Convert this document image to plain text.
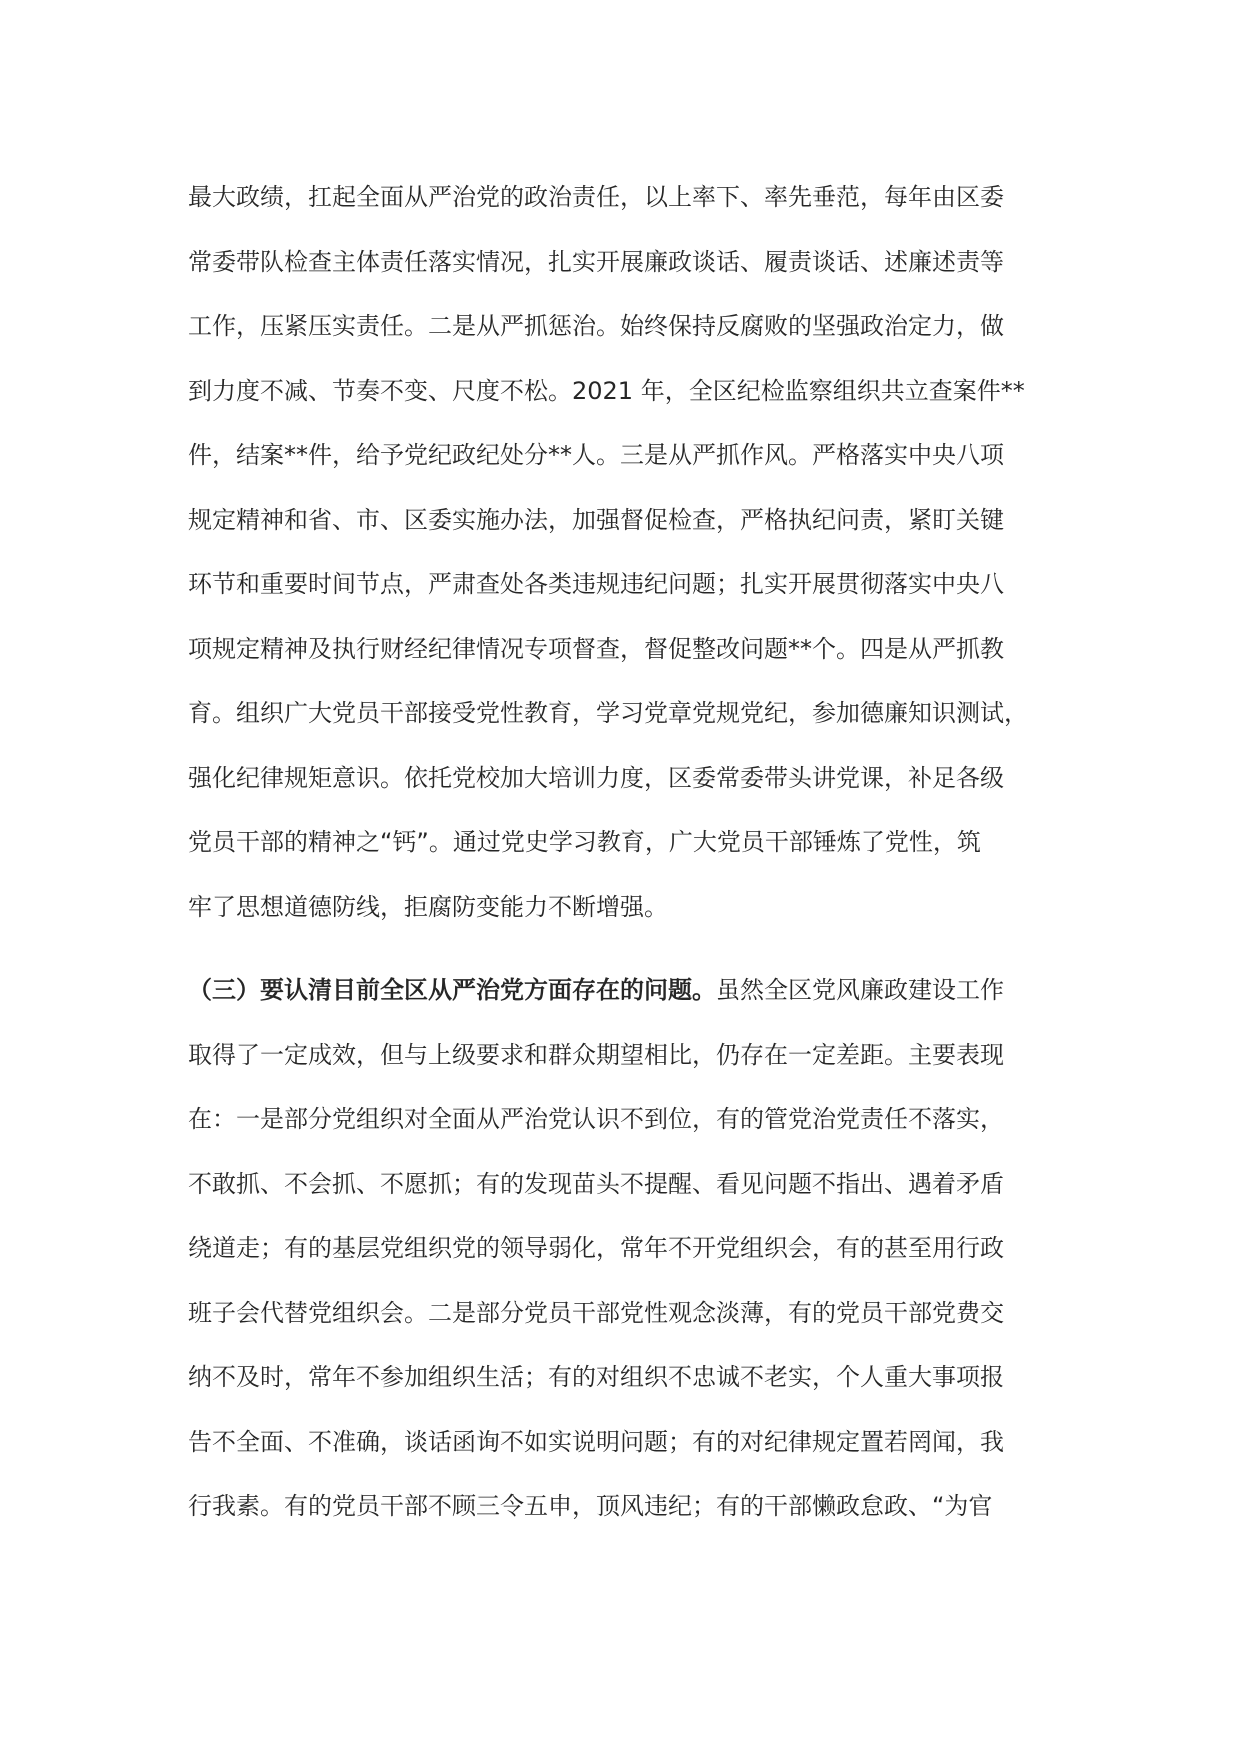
最大政绩，扛起全面从严治党的政治责任，以上率下、率先垂范，每年由区委
常委带队检查主体责任落实情况，扎实开展廉政谈话、履责谈话、述廉述责等
工作，压紧压实责任。二是从严抓惩治。始终保持反腐败的坚强政治定力，做
到力度不减、节奏不变、尺度不松。2021 年，全区纪检监察组织共立查案件**
件，结案**件，给予党纪政纪处分**人。三是从严抓作风。严格落实中央八项
规定精神和省、市、区委实施办法，加强督促检查，严格执纪问责，紧盯关键
环节和重要时间节点，严肃查处各类违规违纪问题；扎实开展贯彻落实中央八
项规定精神及执行财经纪律情况专项督查，督促整改问题**个。四是从严抓教
育。组织广大党员干部接受党性教育，学习党章党规党纪，参加德廉知识测试，
强化纪律规矩意识。依托党校加大培训力度，区委常委带头讲党课，补足各级
党员干部的精神之“钙”。通过党史学习教育，广大党员干部锤炼了党性，筑
牢了思想道德防线，拒腐防变能力不断增强。
（三）要认清目前全区从严治党方面存在的问题。虽然全区党风廉政建设工作
取得了一定成效，但与上级要求和群众期望相比，仍存在一定差距。主要表现
在：一是部分党组织对全面从严治党认识不到位，有的管党治党责任不落实，
不敢抓、不会抓、不愿抓；有的发现苗头不提醒、看见问题不指出、遇着矛盾
绕道走；有的基层党组织党的领导弱化，常年不开党组织会，有的甚至用行政
班子会代替党组织会。二是部分党员干部党性观念淡薄，有的党员干部党费交
纳不及时，常年不参加组织生活；有的对组织不忠诚不老实，个人重大事项报
告不全面、不准确，谈话函询不如实说明问题；有的对纪律规定置若罔闻，我
行我素。有的党员干部不顾三令五申，顶风违纪；有的干部懒政怠政、“为官
